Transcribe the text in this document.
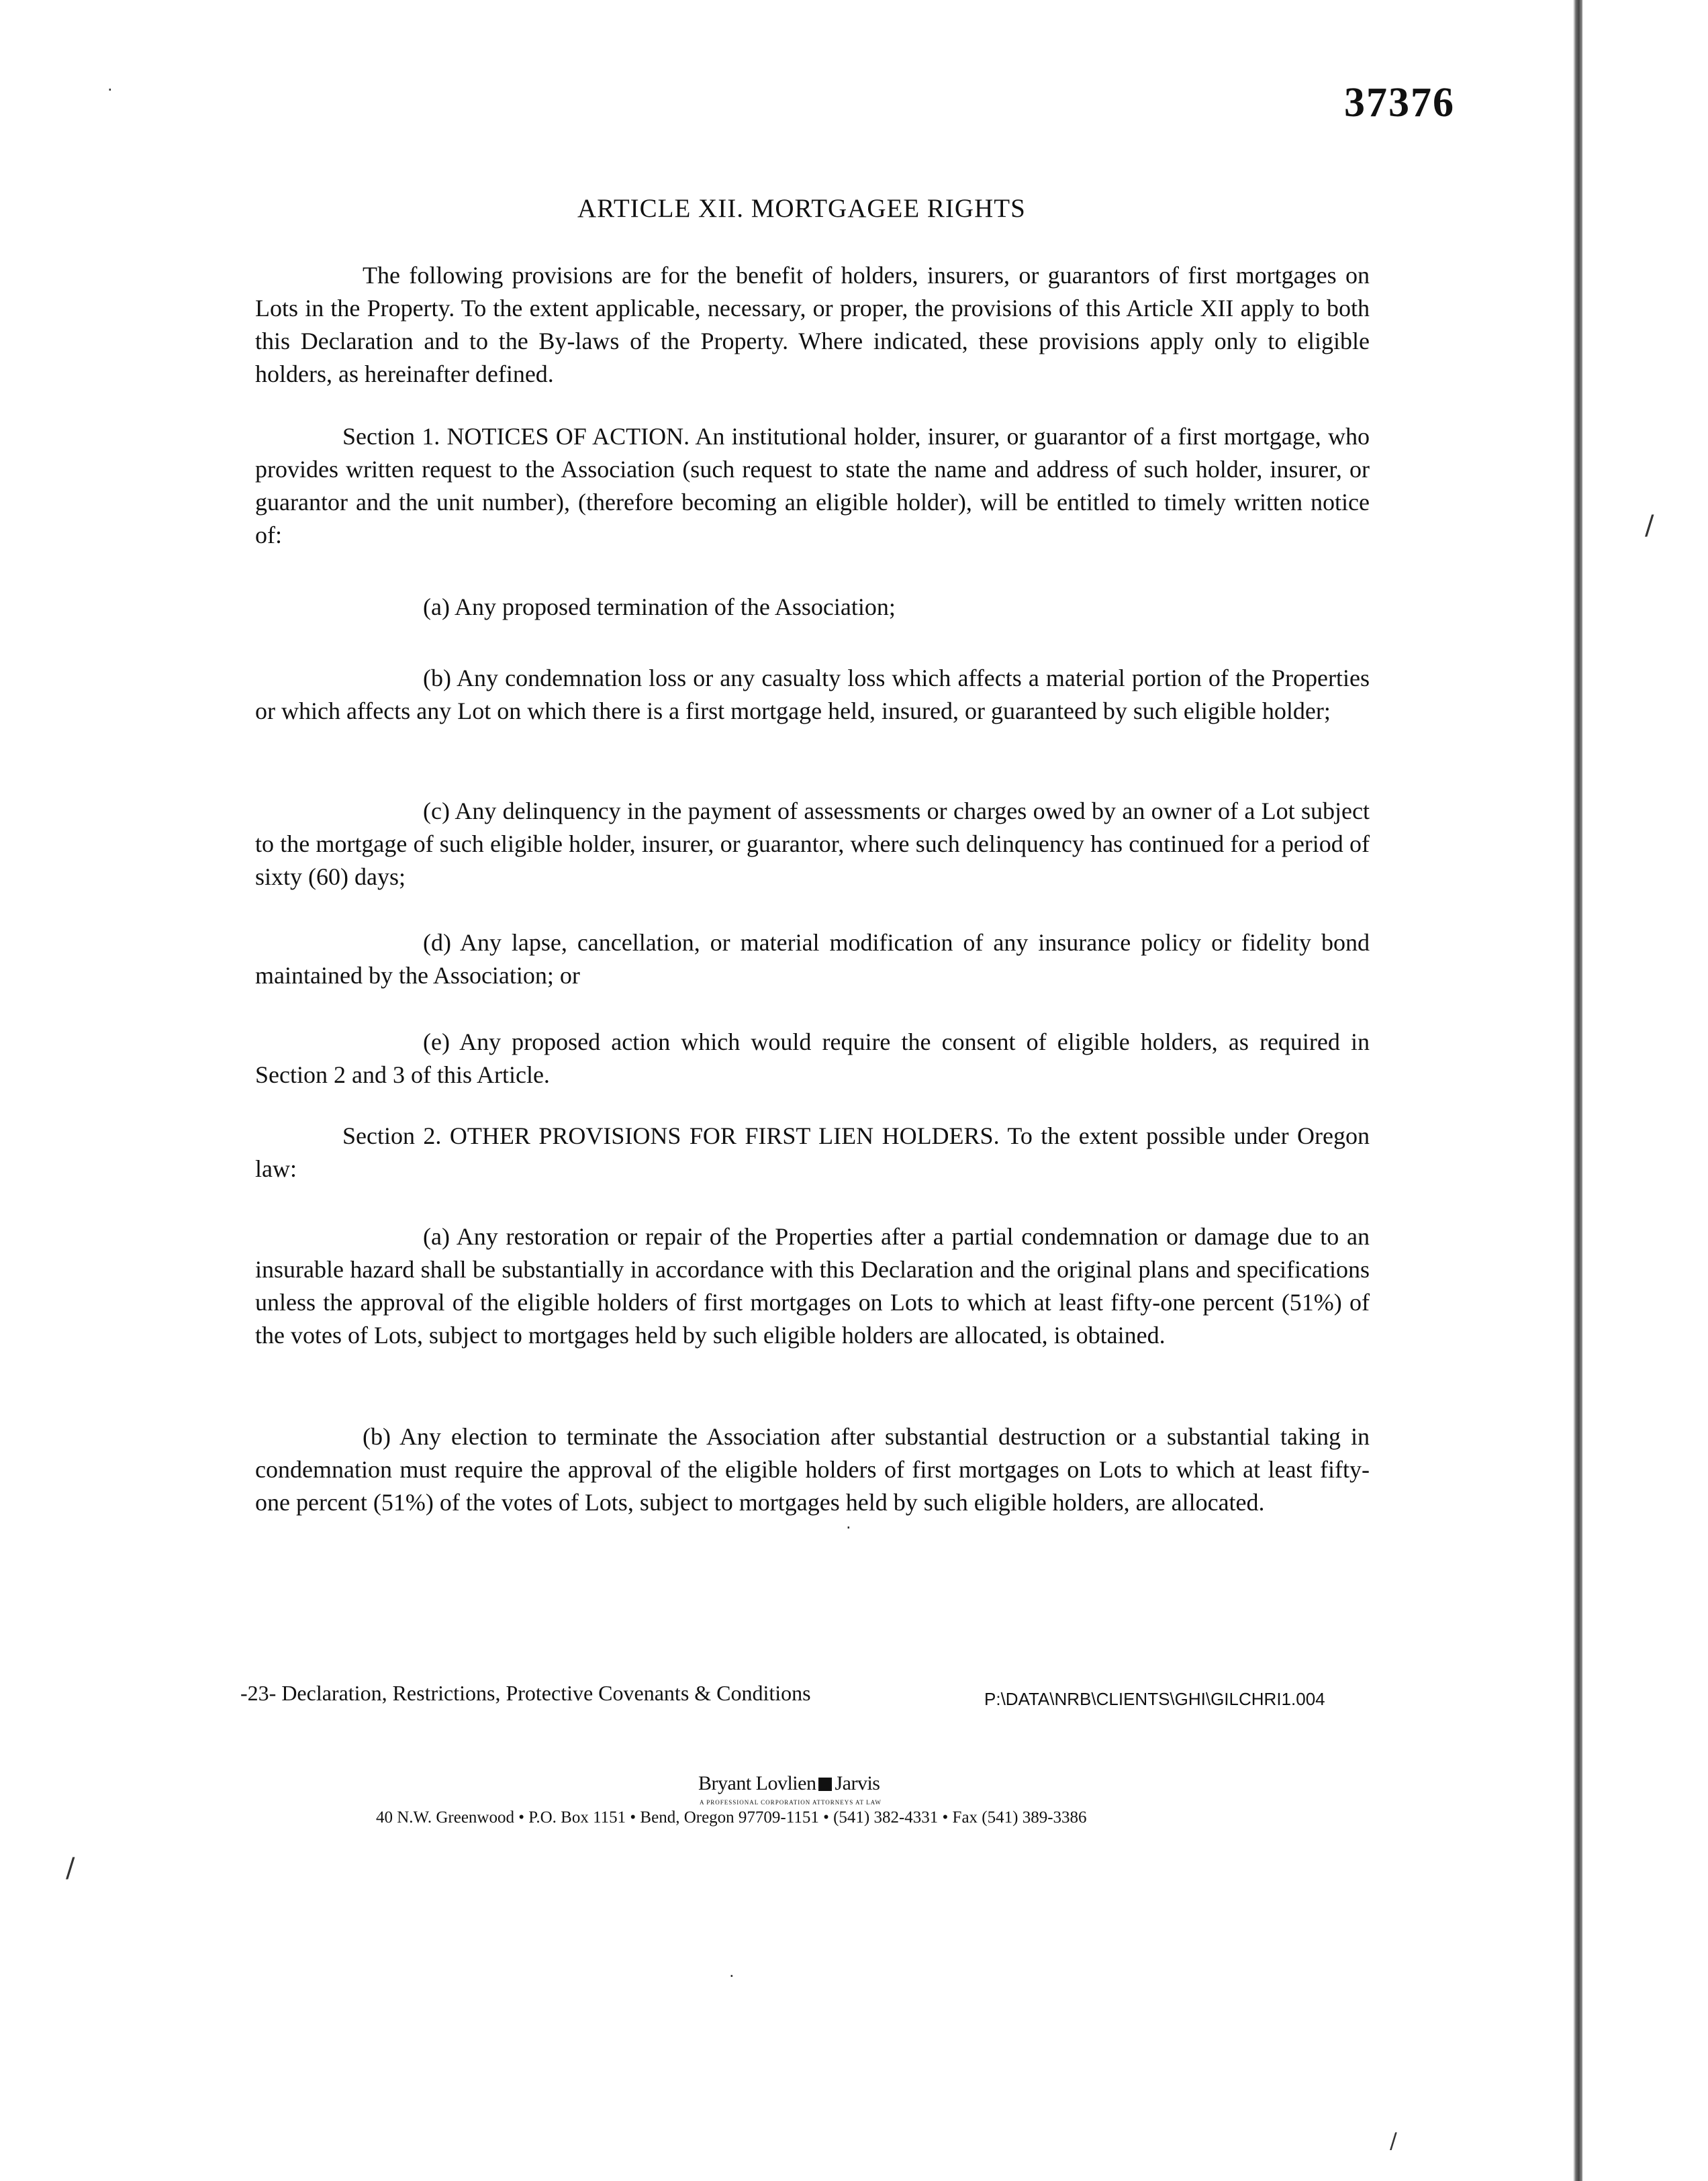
37376
ARTICLE XII. MORTGAGEE RIGHTS
The following provisions are for the benefit of holders, insurers, or guarantors of first mortgages on Lots in the Property. To the extent applicable, necessary, or proper, the provisions of this Article XII apply to both this Declaration and to the By-laws of the Property. Where indicated, these provisions apply only to eligible holders, as hereinafter defined.
Section 1. NOTICES OF ACTION. An institutional holder, insurer, or guarantor of a first mortgage, who provides written request to the Association (such request to state the name and address of such holder, insurer, or guarantor and the unit number), (therefore becoming an eligible holder), will be entitled to timely written notice of:
(a) Any proposed termination of the Association;
(b) Any condemnation loss or any casualty loss which affects a material portion of the Properties or which affects any Lot on which there is a first mortgage held, insured, or guaranteed by such eligible holder;
(c) Any delinquency in the payment of assessments or charges owed by an owner of a Lot subject to the mortgage of such eligible holder, insurer, or guarantor, where such delinquency has continued for a period of sixty (60) days;
(d) Any lapse, cancellation, or material modification of any insurance policy or fidelity bond maintained by the Association; or
(e) Any proposed action which would require the consent of eligible holders, as required in Section 2 and 3 of this Article.
Section 2. OTHER PROVISIONS FOR FIRST LIEN HOLDERS. To the extent possible under Oregon law:
(a) Any restoration or repair of the Properties after a partial condemnation or damage due to an insurable hazard shall be substantially in accordance with this Declaration and the original plans and specifications unless the approval of the eligible holders of first mortgages on Lots to which at least fifty-one percent (51%) of the votes of Lots, subject to mortgages held by such eligible holders are allocated, is obtained.
(b) Any election to terminate the Association after substantial destruction or a substantial taking in condemnation must require the approval of the eligible holders of first mortgages on Lots to which at least fifty-one percent (51%) of the votes of Lots, subject to mortgages held by such eligible holders, are allocated.
-23- Declaration, Restrictions, Protective Covenants & Conditions	P:\DATA\NRB\CLIENTS\GHI\GILCHRI1.004
Bryant Lovlien Jarvis
A PROFESSIONAL CORPORATION ATTORNEYS AT LAW
40 N.W. Greenwood • P.O. Box 1151 • Bend, Oregon 97709-1151 • (541) 382-4331 • Fax (541) 389-3386
/
/
/
·
·
·
